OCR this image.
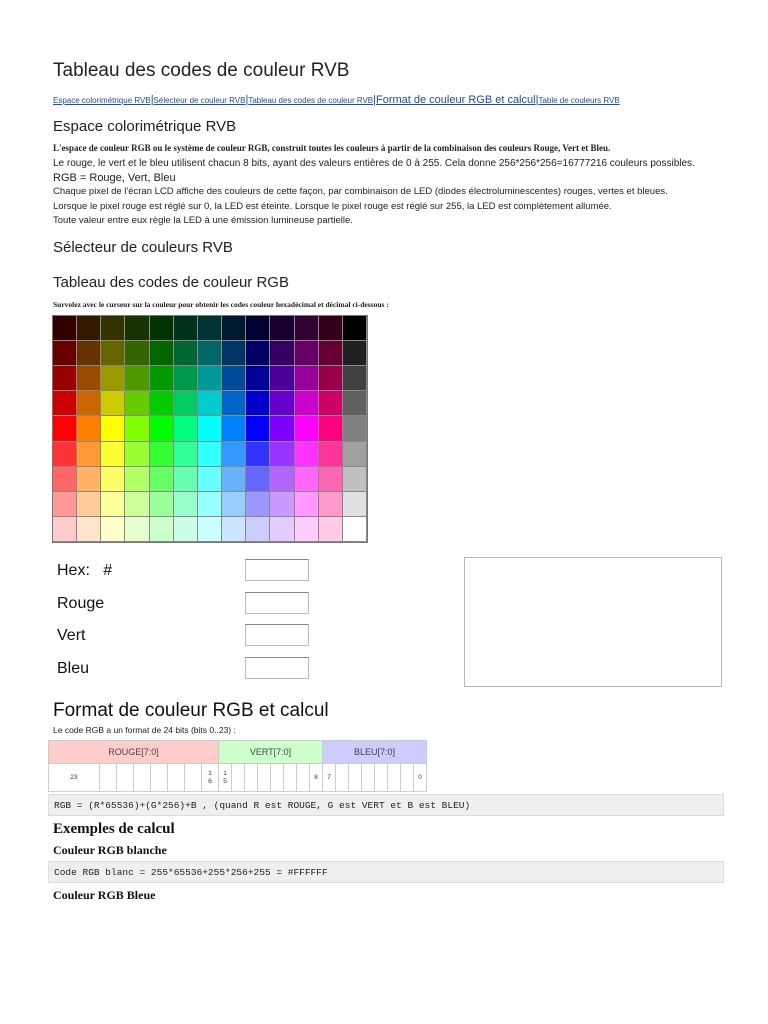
Tableau des codes de couleur RVB
Espace colorimétrique RVB|Sélecteur de couleur RVB|Tableau des codes de couleur RVB|Format de couleur RGB et calcul|Table de couleurs RVB
Espace colorimétrique RVB
L'espace de couleur RGB ou le système de couleur RGB, construit toutes les couleurs à partir de la combinaison des couleurs Rouge, Vert et Bleu.
Le rouge, le vert et le bleu utilisent chacun 8 bits, ayant des valeurs entières de 0 à 255. Cela donne 256*256*256=16777216 couleurs possibles.
RGB = Rouge, Vert, Bleu
Chaque pixel de l'écran LCD affiche des couleurs de cette façon, par combinaison de LED (diodes électroluminescentes) rouges, vertes et bleues.
Lorsque le pixel rouge est réglé sur 0, la LED est éteinte. Lorsque le pixel rouge est réglé sur 255, la LED est complètement allumée.
Toute valeur entre eux règle la LED à une émission lumineuse partielle.
Sélecteur de couleurs RVB
Tableau des codes de couleur RGB
Survolez avec le curseur sur la couleur pour obtenir les codes couleur hexadécimal et décimal ci-dessous :
Hex: #
Rouge
Vert
Bleu
Format de couleur RGB et calcul
Le code RGB a un format de 24 bits (bits 0..23) :
ROUGE[7:0]								VERT[7:0]								BLEU[7:0]							
23							16	15							8	7							0
RGB = (R*65536)+(G*256)+B , (quand R est ROUGE, G est VERT et B est BLEU)
Exemples de calcul
Couleur RGB blanche
Code RGB blanc = 255*65536+255*256+255 = #FFFFFF
Couleur RGB Bleue
